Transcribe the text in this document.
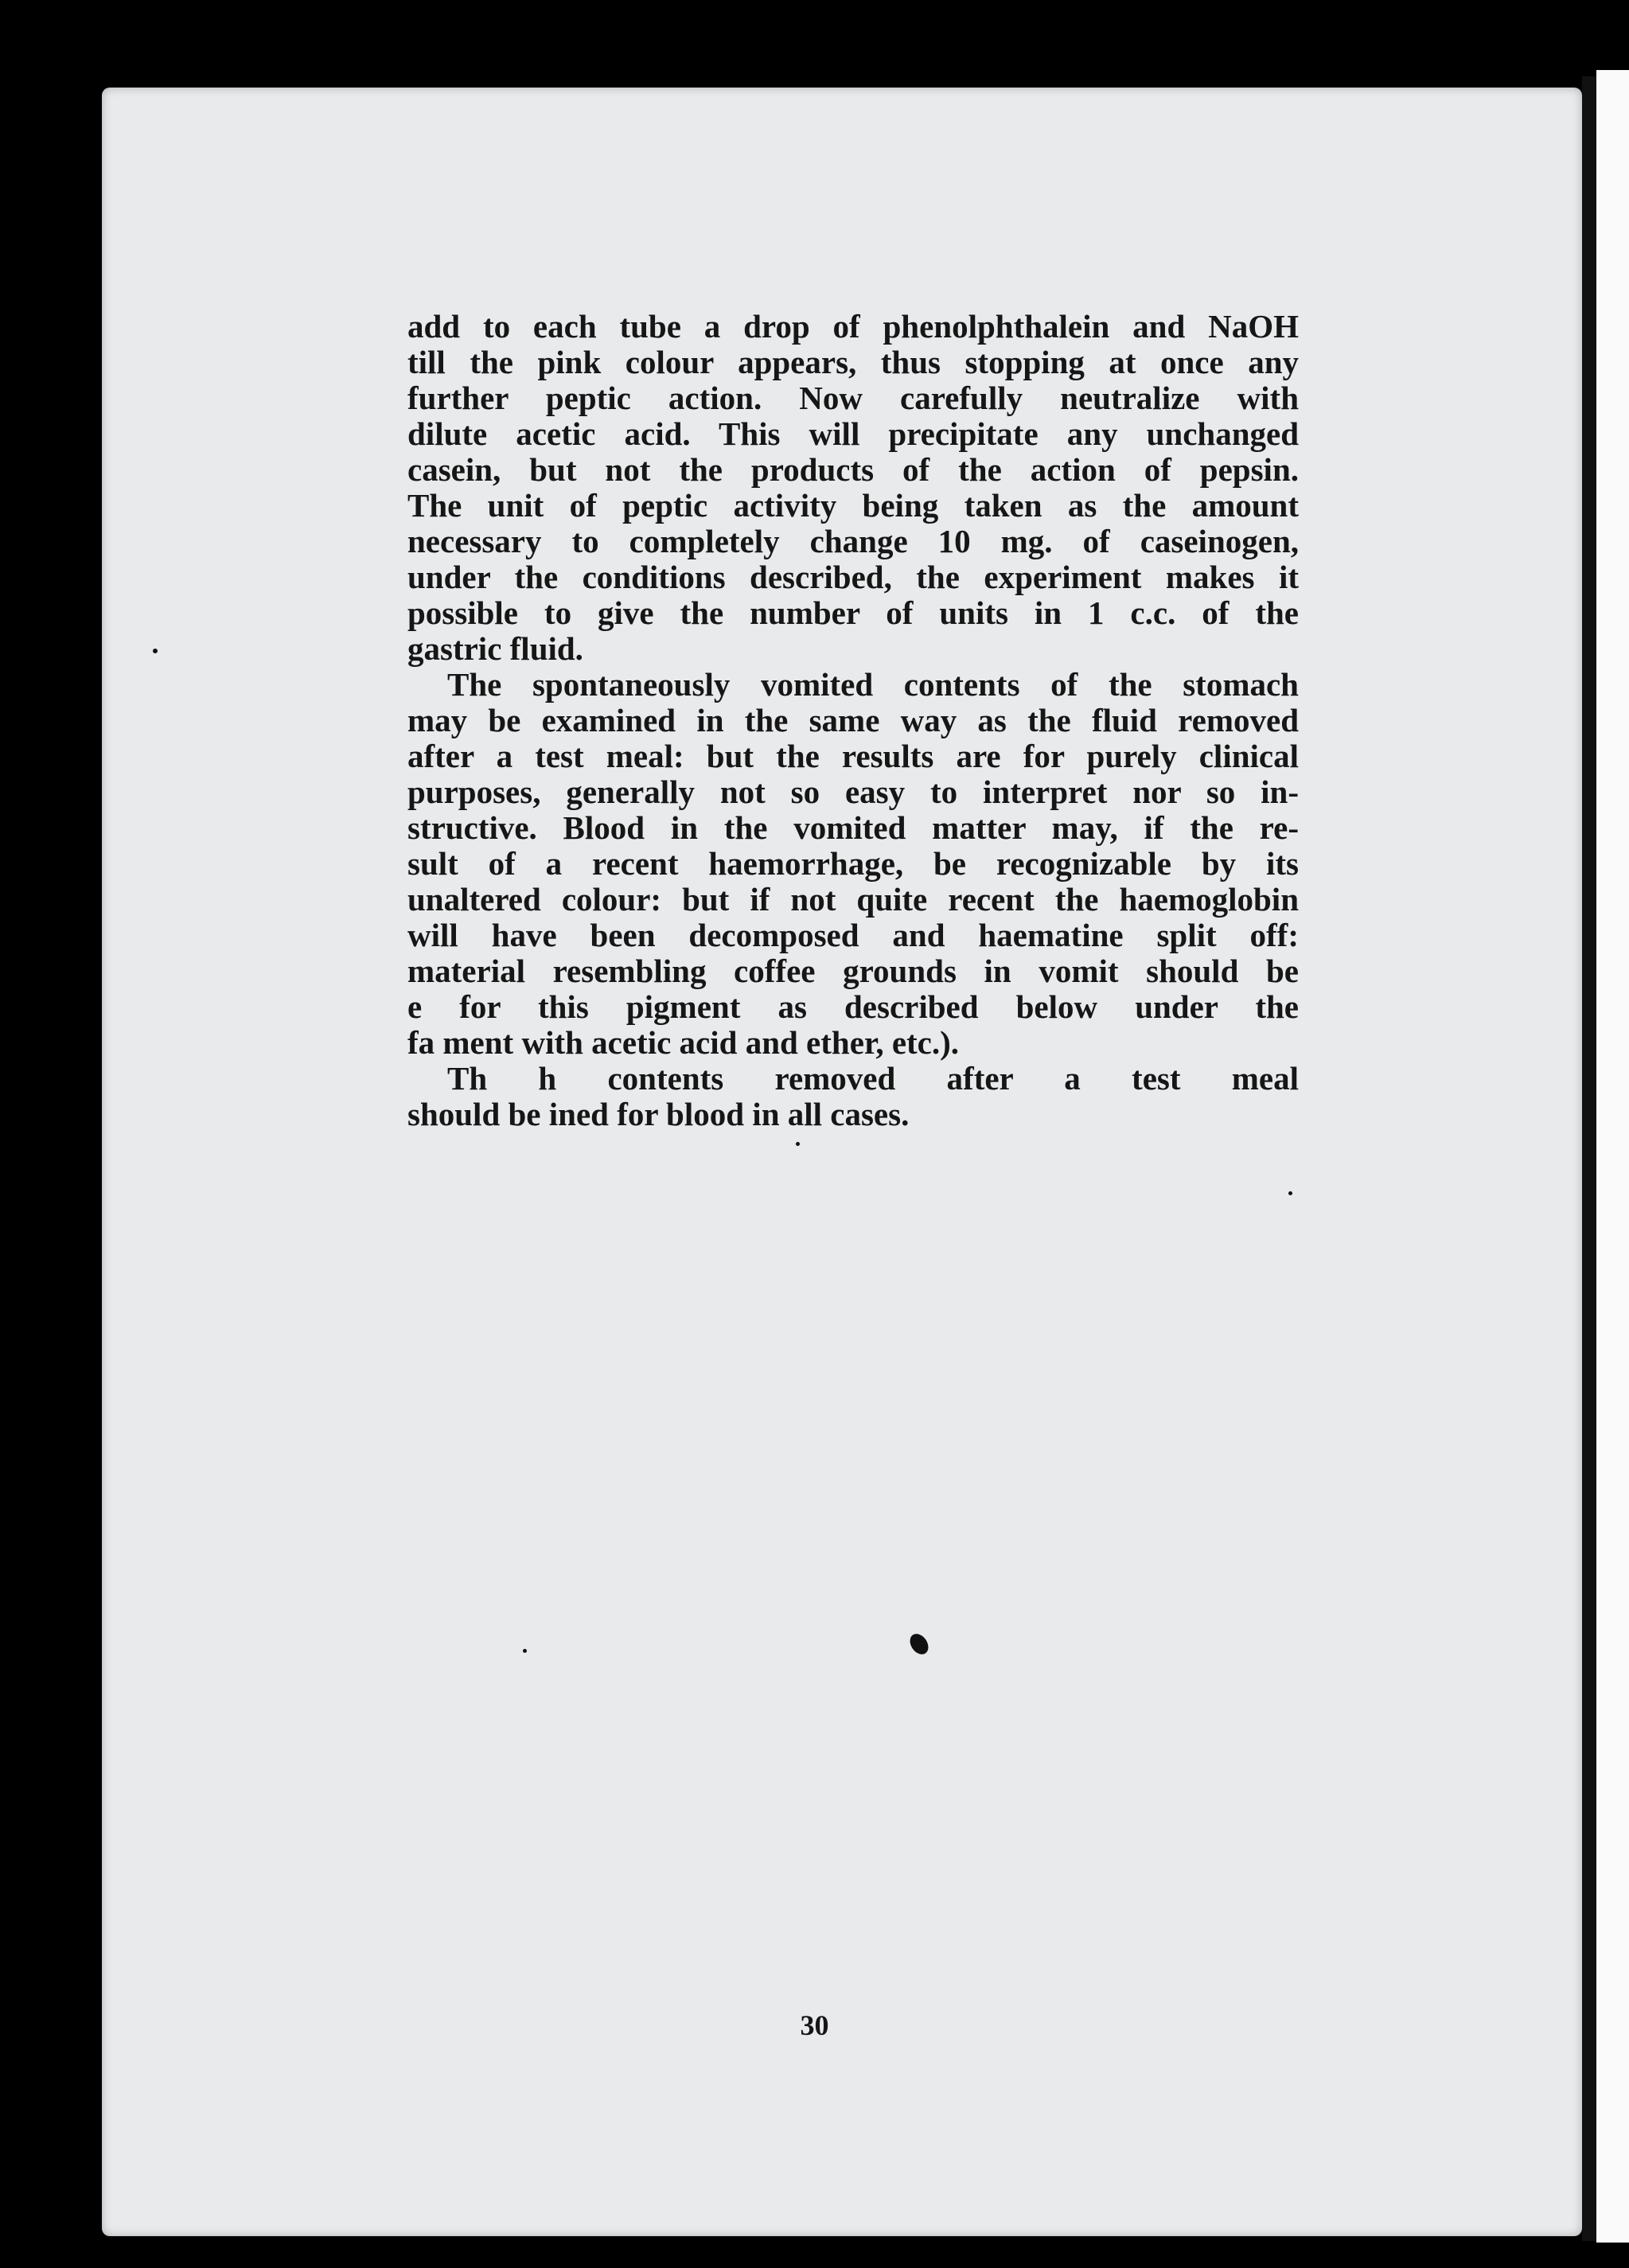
add to each tube a drop of phenolphthalein and NaOH
till the pink colour appears, thus stopping at once any
further peptic action. Now carefully neutralize with
dilute acetic acid. This will precipitate any unchanged
casein, but not the products of the action of pepsin.
The unit of peptic activity being taken as the amount
necessary to completely change 10 mg. of caseinogen,
under the conditions described, the experiment makes it
possible to give the number of units in 1 c.c. of the
gastric fluid.
The spontaneously vomited contents of the stomach
may be examined in the same way as the fluid removed
after a test meal: but the results are for purely clinical
purposes, generally not so easy to interpret nor so in-
structive. Blood in the vomited matter may, if the re-
sult of a recent haemorrhage, be recognizable by its
unaltered colour: but if not quite recent the haemoglobin
will have been decomposed and haematine split off:
material resembling coffee grounds in vomit should be
e for this pigment as described below under the
fa ment with acetic acid and ether, etc.).
Th h contents removed after a test meal
should be ined for blood in all cases.
30
